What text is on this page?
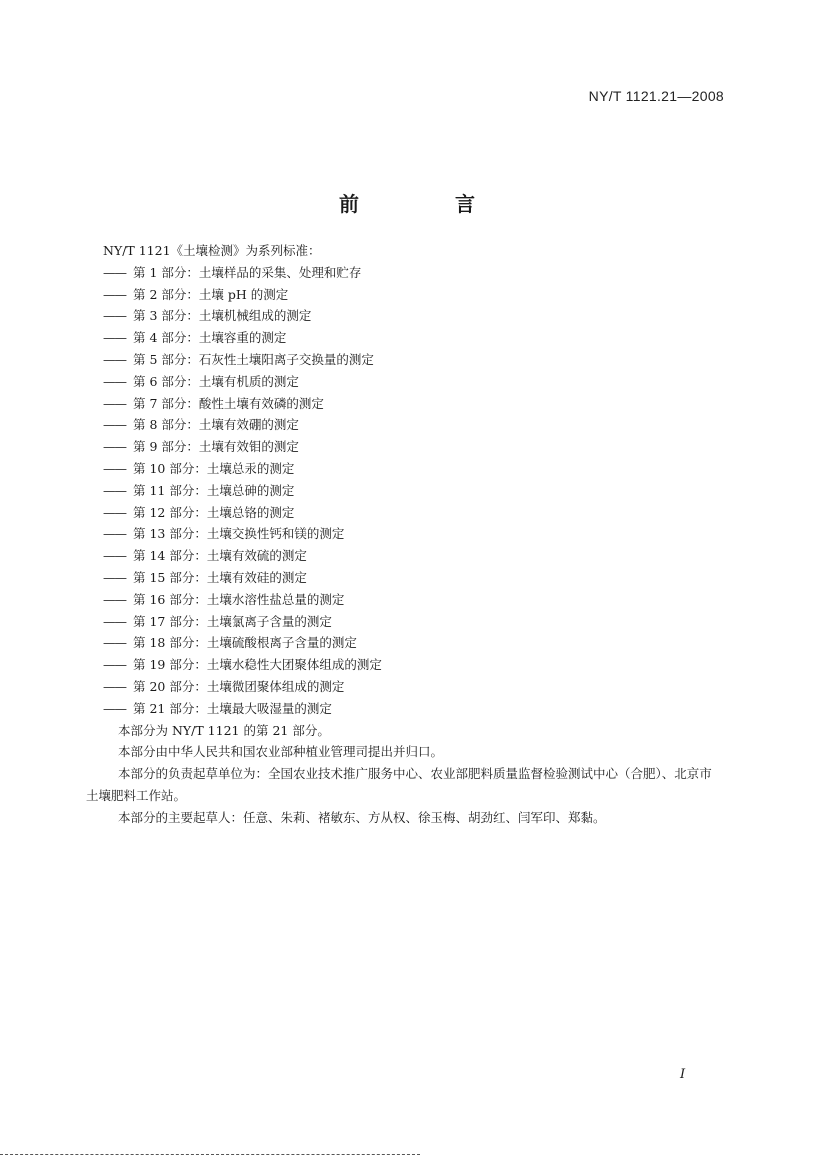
NY/T 1121.21—2008
前　言
NY/T 1121《土壤检测》为系列标准：
—— 第 1 部分：土壤样品的采集、处理和贮存
—— 第 2 部分：土壤 pH 的测定
—— 第 3 部分：土壤机械组成的测定
—— 第 4 部分：土壤容重的测定
—— 第 5 部分：石灰性土壤阳离子交换量的测定
—— 第 6 部分：土壤有机质的测定
—— 第 7 部分：酸性土壤有效磷的测定
—— 第 8 部分：土壤有效硼的测定
—— 第 9 部分：土壤有效钼的测定
—— 第 10 部分：土壤总汞的测定
—— 第 11 部分：土壤总砷的测定
—— 第 12 部分：土壤总铬的测定
—— 第 13 部分：土壤交换性钙和镁的测定
—— 第 14 部分：土壤有效硫的测定
—— 第 15 部分：土壤有效硅的测定
—— 第 16 部分：土壤水溶性盐总量的测定
—— 第 17 部分：土壤氯离子含量的测定
—— 第 18 部分：土壤硫酸根离子含量的测定
—— 第 19 部分：土壤水稳性大团聚体组成的测定
—— 第 20 部分：土壤微团聚体组成的测定
—— 第 21 部分：土壤最大吸湿量的测定
本部分为 NY/T 1121 的第 21 部分。
本部分由中华人民共和国农业部种植业管理司提出并归口。
本部分的负责起草单位为：全国农业技术推广服务中心、农业部肥料质量监督检验测试中心（合肥）、北京市土壤肥料工作站。
本部分的主要起草人：任意、朱莉、褚敏东、方从权、徐玉梅、胡劲红、闫军印、郑黏。
I
